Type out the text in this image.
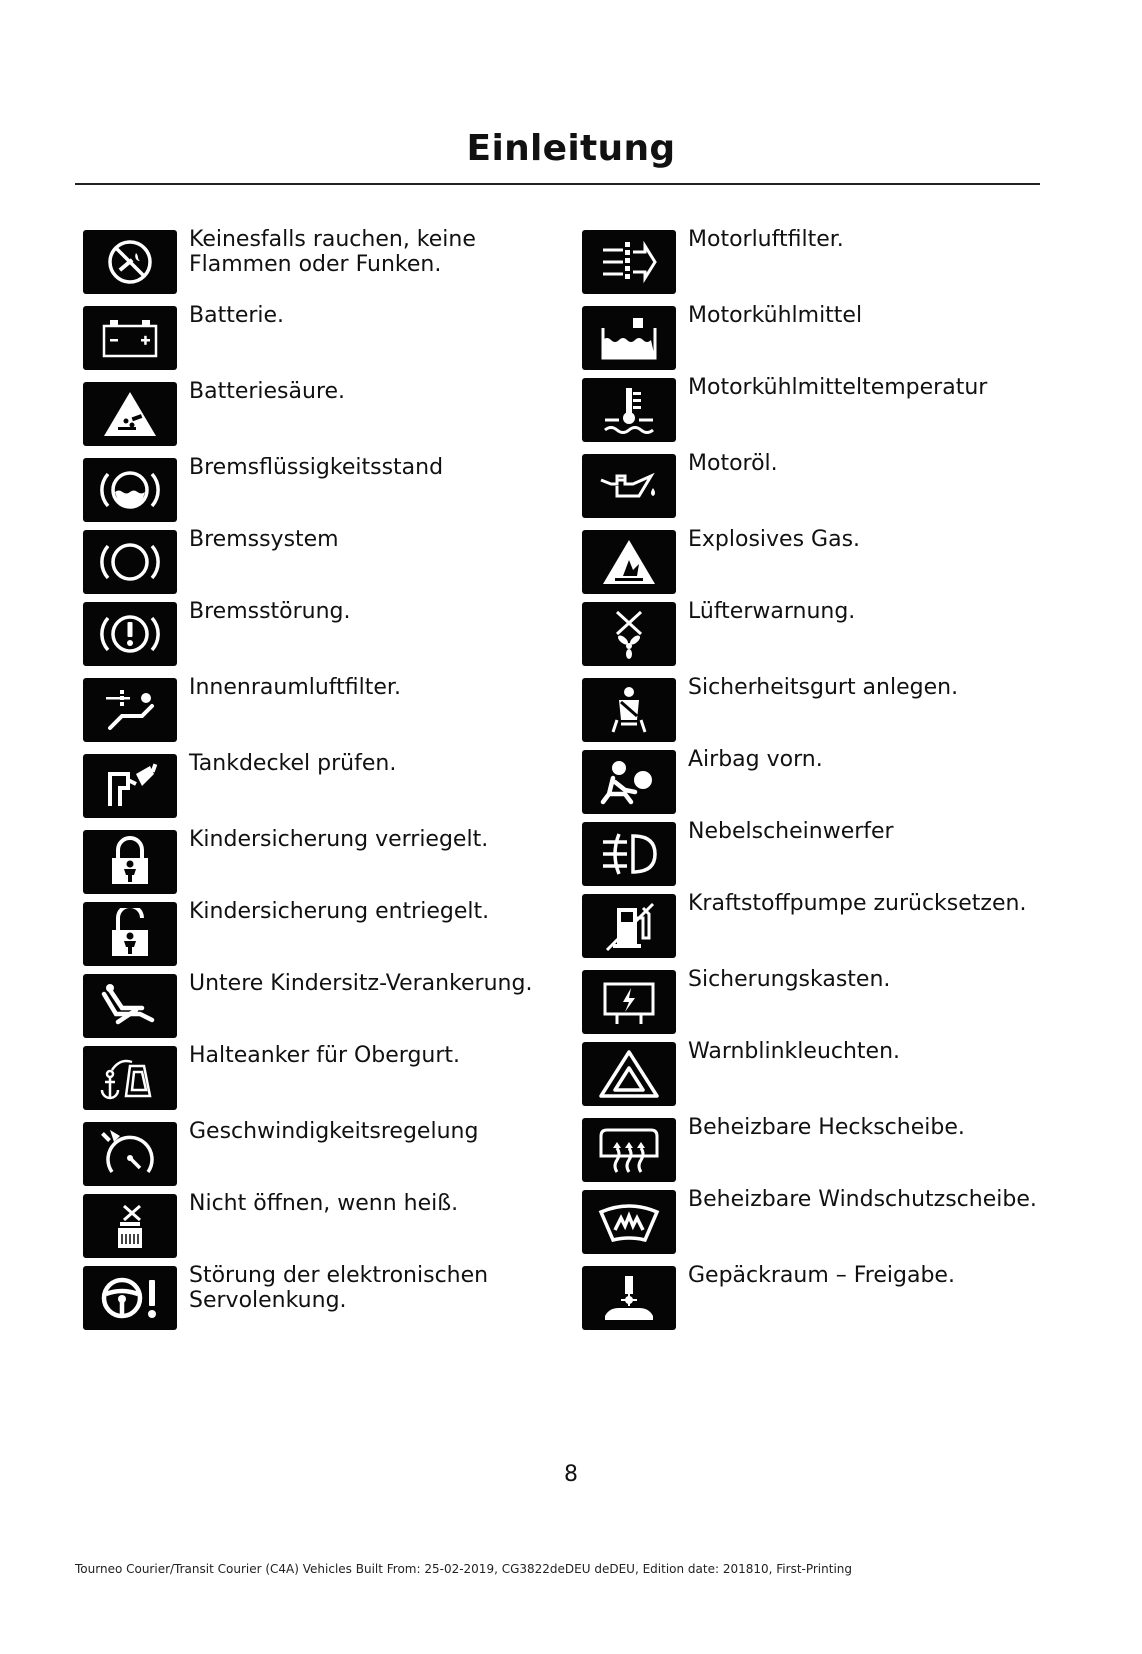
Einleitung
Keinesfalls rauchen, keine
Flammen oder Funken.
Batterie.
Batteriesäure.
Bremsflüssigkeitsstand
Bremssystem
Bremsstörung.
Innenraumluftfilter.
Tankdeckel prüfen.
Kindersicherung verriegelt.
Kindersicherung entriegelt.
Untere Kindersitz-Verankerung.
Halteanker für Obergurt.
Geschwindigkeitsregelung
Nicht öffnen, wenn heiß.
Störung der elektronischen
Servolenkung.
Motorluftfilter.
Motorkühlmittel
Motorkühlmitteltemperatur
Motoröl.
Explosives Gas.
Lüfterwarnung.
Sicherheitsgurt anlegen.
Airbag vorn.
Nebelscheinwerfer
Kraftstoffpumpe zurücksetzen.
Sicherungskasten.
Warnblinkleuchten.
Beheizbare Heckscheibe.
Beheizbare Windschutzscheibe.
Gepäckraum – Freigabe.
8
Tourneo Courier/Transit Courier (C4A) Vehicles Built From: 25-02-2019, CG3822deDEU deDEU, Edition date: 201810, First-Printing
